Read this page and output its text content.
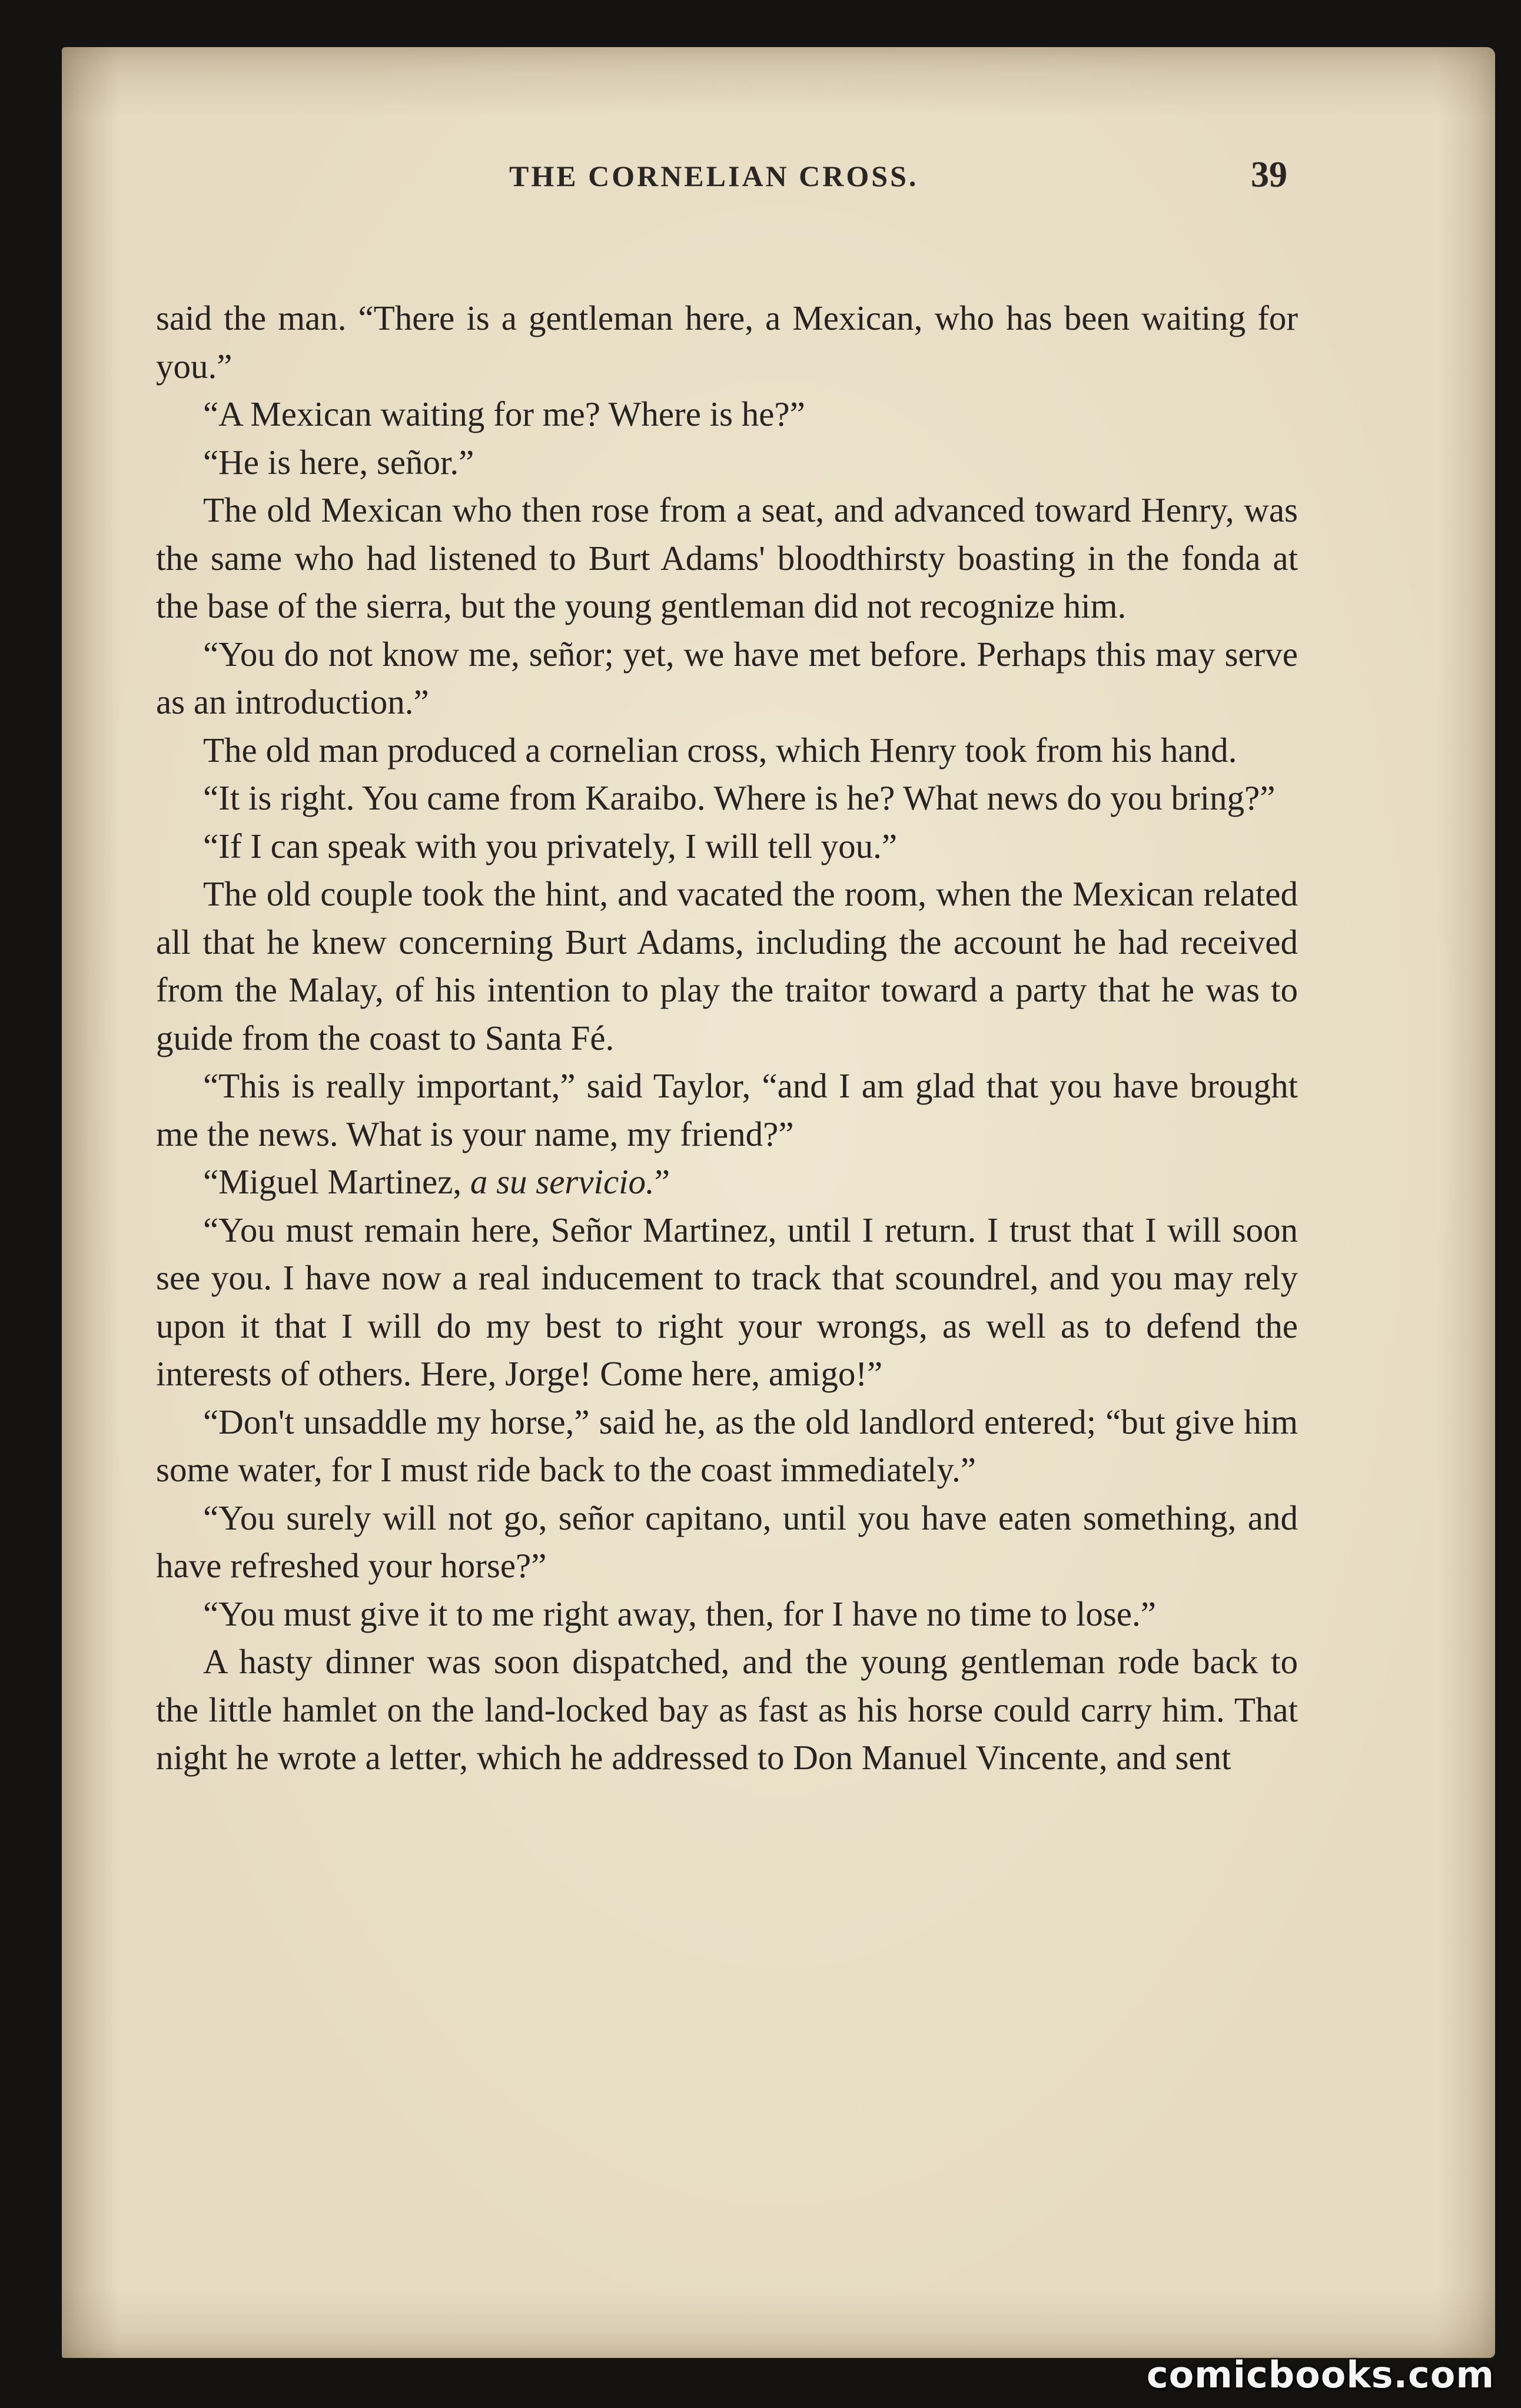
THE CORNELIAN CROSS.	39

said the man. “There is a gentleman here, a Mexican, who has been waiting for you.”

“A Mexican waiting for me? Where is he?”

“He is here, señor.”

The old Mexican who then rose from a seat, and advanced toward Henry, was the same who had listened to Burt Adams' bloodthirsty boasting in the fonda at the base of the sierra, but the young gentleman did not recognize him.

“You do not know me, señor; yet, we have met before. Perhaps this may serve as an introduction.”

The old man produced a cornelian cross, which Henry took from his hand.

“It is right. You came from Karaibo. Where is he? What news do you bring?”

“If I can speak with you privately, I will tell you.”

The old couple took the hint, and vacated the room, when the Mexican related all that he knew concerning Burt Adams, including the account he had received from the Malay, of his intention to play the traitor toward a party that he was to guide from the coast to Santa Fé.

“This is really important,” said Taylor, “and I am glad that you have brought me the news. What is your name, my friend?”

“Miguel Martinez, a su servicio.”

“You must remain here, Señor Martinez, until I return. I trust that I will soon see you. I have now a real inducement to track that scoundrel, and you may rely upon it that I will do my best to right your wrongs, as well as to defend the interests of others. Here, Jorge! Come here, amigo!”

“Don't unsaddle my horse,” said he, as the old landlord entered; “but give him some water, for I must ride back to the coast immediately.”

“You surely will not go, señor capitano, until you have eaten something, and have refreshed your horse?”

“You must give it to me right away, then, for I have no time to lose.”

A hasty dinner was soon dispatched, and the young gentleman rode back to the little hamlet on the land-locked bay as fast as his horse could carry him. That night he wrote a letter, which he addressed to Don Manuel Vincente, and sent

comicbooks.com
